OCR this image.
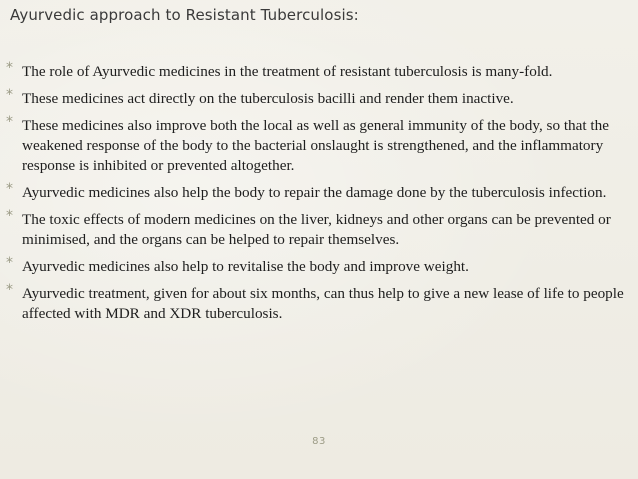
Ayurvedic approach to Resistant Tuberculosis:
* The role of Ayurvedic medicines in the treatment of resistant tuberculosis is many-fold.
* These medicines act directly on the tuberculosis bacilli and render them inactive.
* These medicines also improve both the local as well as general immunity of the body, so that the weakened response of the body to the bacterial onslaught is strengthened, and the inflammatory response is inhibited or prevented altogether.
* Ayurvedic medicines also help the body to repair the damage done by the tuberculosis infection.
* The toxic effects of modern medicines on the liver, kidneys and other organs can be prevented or minimised, and the organs can be helped to repair themselves.
* Ayurvedic medicines also help to revitalise the body and improve weight.
* Ayurvedic treatment, given for about six months, can thus help to give a new lease of life to people affected with MDR and XDR tuberculosis.
83
